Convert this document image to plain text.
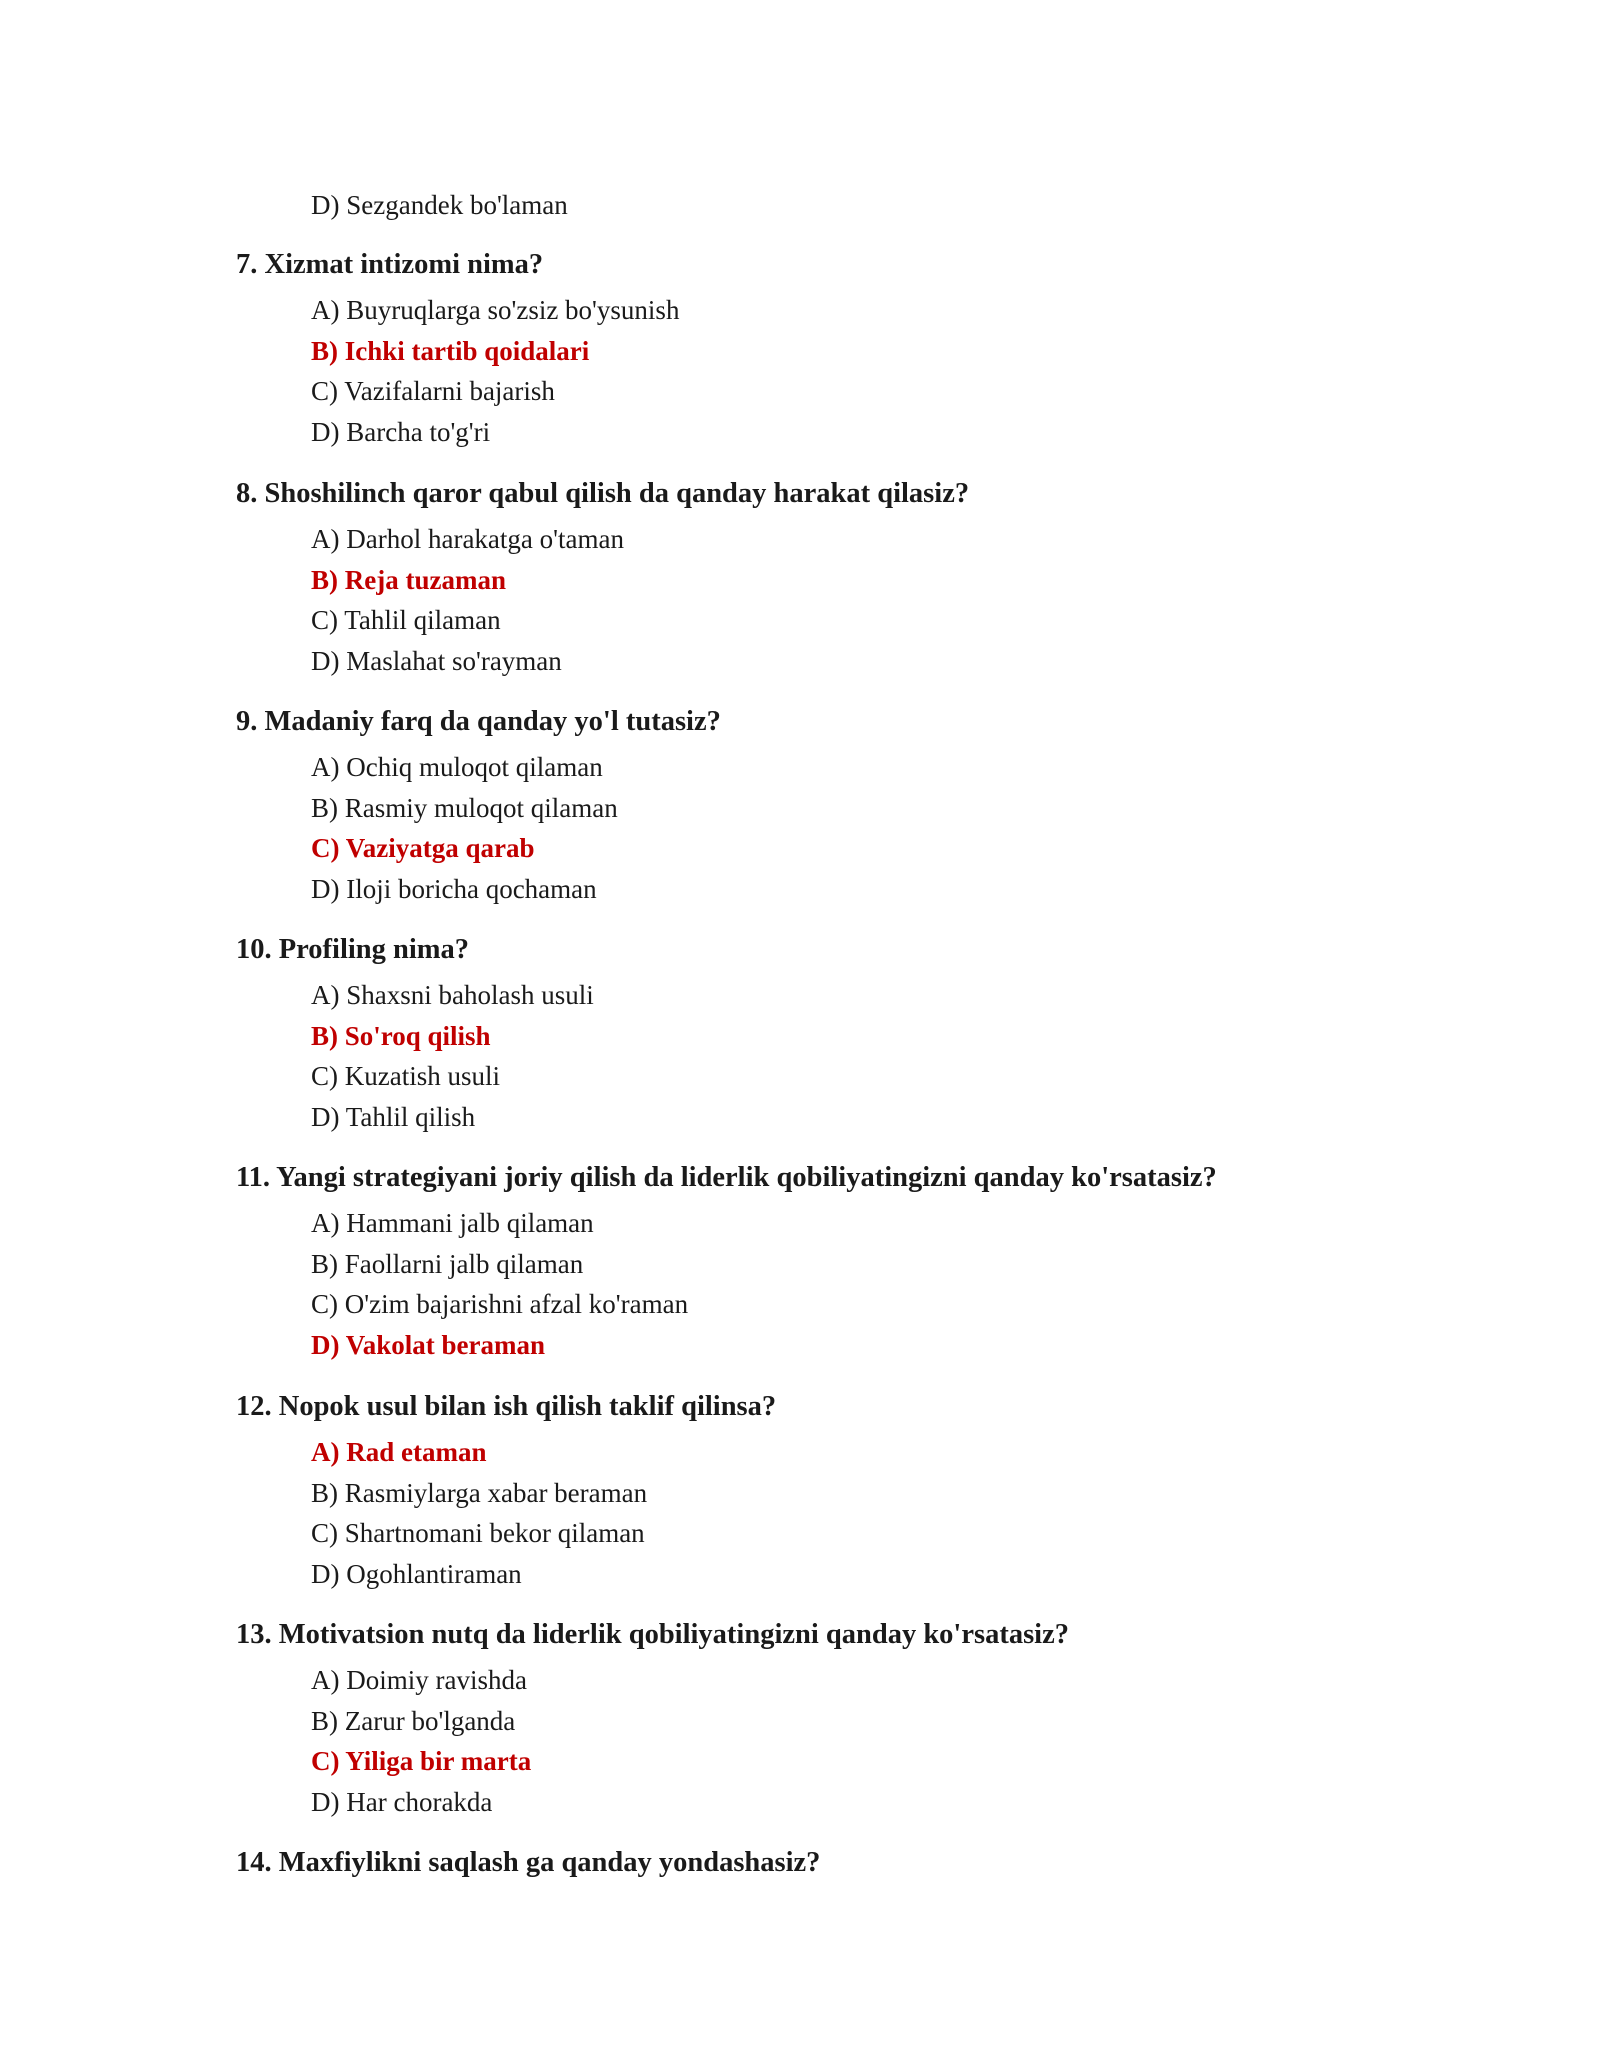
D) Sezgandek bo'laman
7. Xizmat intizomi nima?
A) Buyruqlarga so'zsiz bo'ysunish
B) Ichki tartib qoidalari
C) Vazifalarni bajarish
D) Barcha to'g'ri
8. Shoshilinch qaror qabul qilish da qanday harakat qilasiz?
A) Darhol harakatga o'taman
B) Reja tuzaman
C) Tahlil qilaman
D) Maslahat so'rayman
9. Madaniy farq da qanday yo'l tutasiz?
A) Ochiq muloqot qilaman
B) Rasmiy muloqot qilaman
C) Vaziyatga qarab
D) Iloji boricha qochaman
10. Profiling nima?
A) Shaxsni baholash usuli
B) So'roq qilish
C) Kuzatish usuli
D) Tahlil qilish
11. Yangi strategiyani joriy qilish da liderlik qobiliyatingizni qanday ko'rsatasiz?
A) Hammani jalb qilaman
B) Faollarni jalb qilaman
C) O'zim bajarishni afzal ko'raman
D) Vakolat beraman
12. Nopok usul bilan ish qilish taklif qilinsa?
A) Rad etaman
B) Rasmiylarga xabar beraman
C) Shartnomani bekor qilaman
D) Ogohlantiraman
13. Motivatsion nutq da liderlik qobiliyatingizni qanday ko'rsatasiz?
A) Doimiy ravishda
B) Zarur bo'lganda
C) Yiliga bir marta
D) Har chorakda
14. Maxfiylikni saqlash ga qanday yondashasiz?
